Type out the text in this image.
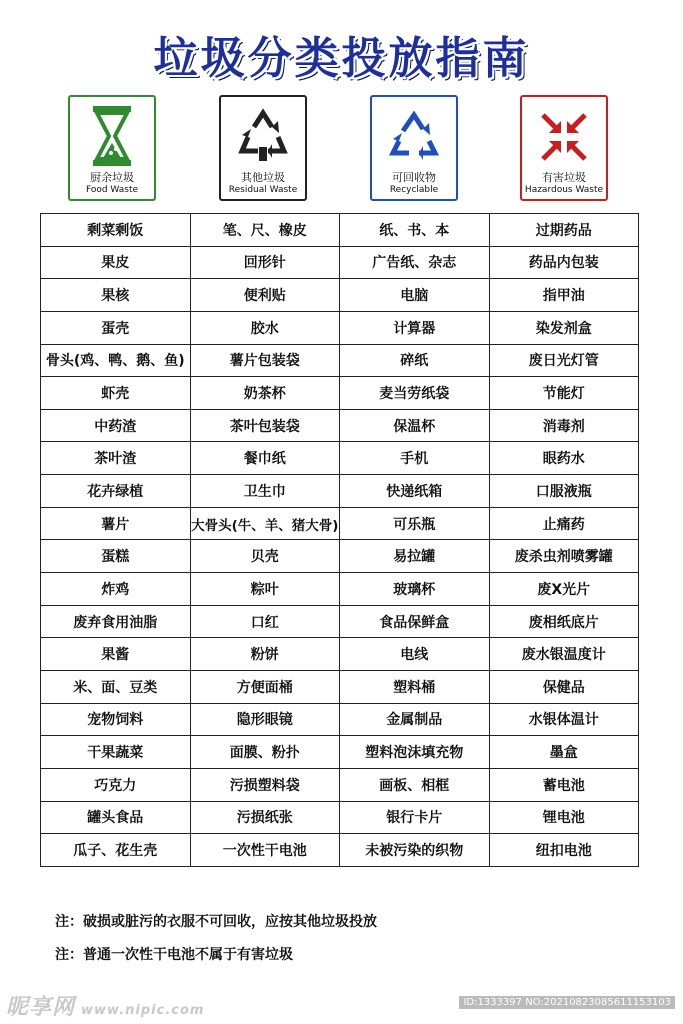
垃圾分类投放指南
厨余垃圾
Food Waste
其他垃圾
Residual Waste
可回收物
Recyclable
有害垃圾
Hazardous Waste
剩菜剩饭	笔、尺、橡皮	纸、书、本	过期药品
果皮	回形针	广告纸、杂志	药品内包装
果核	便利贴	电脑	指甲油
蛋壳	胶水	计算器	染发剂盒
骨头(鸡、鸭、鹅、鱼)	薯片包装袋	碎纸	废日光灯管
虾壳	奶茶杯	麦当劳纸袋	节能灯
中药渣	茶叶包装袋	保温杯	消毒剂
茶叶渣	餐巾纸	手机	眼药水
花卉绿植	卫生巾	快递纸箱	口服液瓶
薯片	大骨头(牛、羊、猪大骨)	可乐瓶	止痛药
蛋糕	贝壳	易拉罐	废杀虫剂喷雾罐
炸鸡	粽叶	玻璃杯	废X光片
废弃食用油脂	口红	食品保鲜盒	废相纸底片
果酱	粉饼	电线	废水银温度计
米、面、豆类	方便面桶	塑料桶	保健品
宠物饲料	隐形眼镜	金属制品	水银体温计
干果蔬菜	面膜、粉扑	塑料泡沫填充物	墨盒
巧克力	污损塑料袋	画板、相框	蓄电池
罐头食品	污损纸张	银行卡片	锂电池
瓜子、花生壳	一次性干电池	未被污染的织物	纽扣电池
注：破损或脏污的衣服不可回收，应按其他垃圾投放
注：普通一次性干电池不属于有害垃圾
昵享网 www.nipic.com
ID:1333397 NO:20210823085611153103
